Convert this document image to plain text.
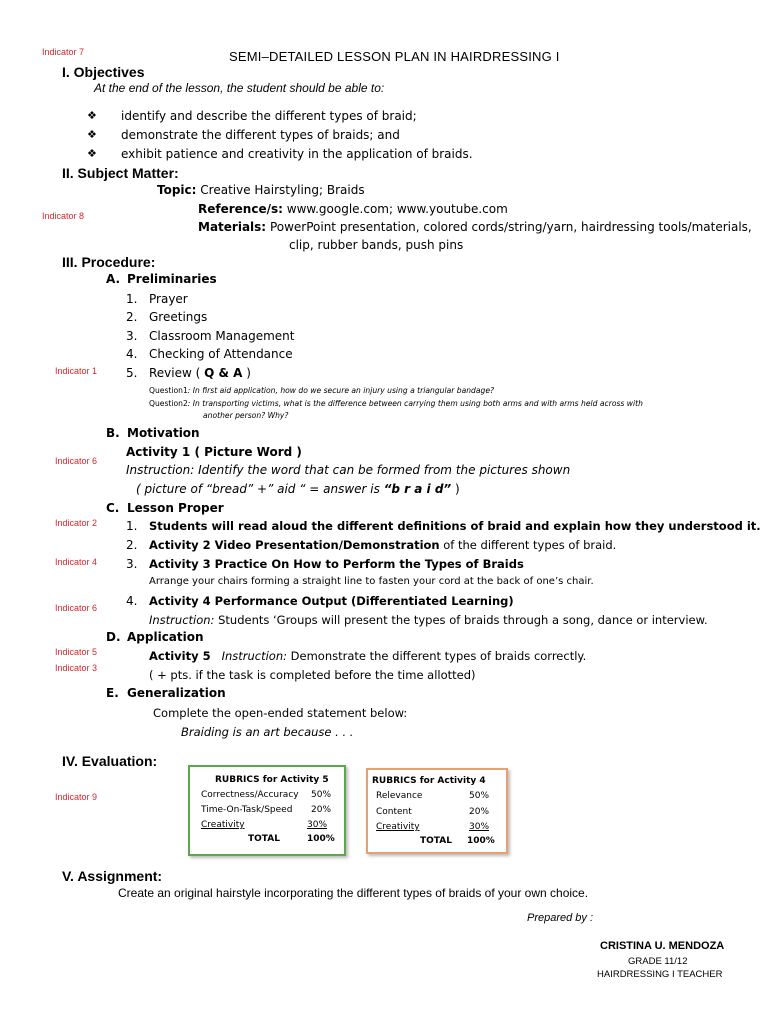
Indicator 7	SEMI–DETAILED LESSON PLAN IN HAIRDRESSING I
I. Objectives
At the end of the lesson, the student should be able to:
❖ identify and describe the different types of braid;
❖ demonstrate the different types of braids; and
❖ exhibit patience and creativity in the application of braids.
II. Subject Matter:
Topic: Creative Hairstyling; Braids
Indicator 8	Reference/s: www.google.com; www.youtube.com
Materials: PowerPoint presentation, colored cords/string/yarn, hairdressing tools/materials,
clip, rubber bands, push pins
III. Procedure:
A. Preliminaries
1. Prayer
2. Greetings
3. Classroom Management
4. Checking of Attendance
Indicator 1 5. Review ( Q & A )
Question1: In first aid application, how do we secure an injury using a triangular bandage?
Question2: In transporting victims, what is the difference between carrying them using both arms and with arms held across with
another person? Why?
B. Motivation
Activity 1 ( Picture Word )
Indicator 6
Instruction: Identify the word that can be formed from the pictures shown
( picture of “bread” +” aid “ = answer is “b r a i d” )
C. Lesson Proper
Indicator 2 1. Students will read aloud the different definitions of braid and explain how they understood it.
2. Activity 2 Video Presentation/Demonstration of the different types of braid.
Indicator 4 3. Activity 3 Practice On How to Perform the Types of Braids
Arrange your chairs forming a straight line to fasten your cord at the back of one’s chair.
Indicator 6 4. Activity 4 Performance Output (Differentiated Learning)
Instruction: Students ‘Groups will present the types of braids through a song, dance or interview.
D. Application
Indicator 5
Indicator 3
Activity 5 Instruction: Demonstrate the different types of braids correctly.
( + pts. if the task is completed before the time allotted)
E. Generalization
Complete the open-ended statement below:
Braiding is an art because . . .
IV. Evaluation:
Indicator 9
RUBRICS for Activity 5
Correctness/Accuracy 50%
Time-On-Task/Speed 20%
Creativity	30%
TOTAL	100%
RUBRICS for Activity 4
Relevance	50%
Content	20%
Creativity	30%
TOTAL 100%
V. Assignment:
Create an original hairstyle incorporating the different types of braids of your own choice.
Prepared by :
CRISTINA U. MENDOZA
GRADE 11/12
HAIRDRESSING I TEACHER
